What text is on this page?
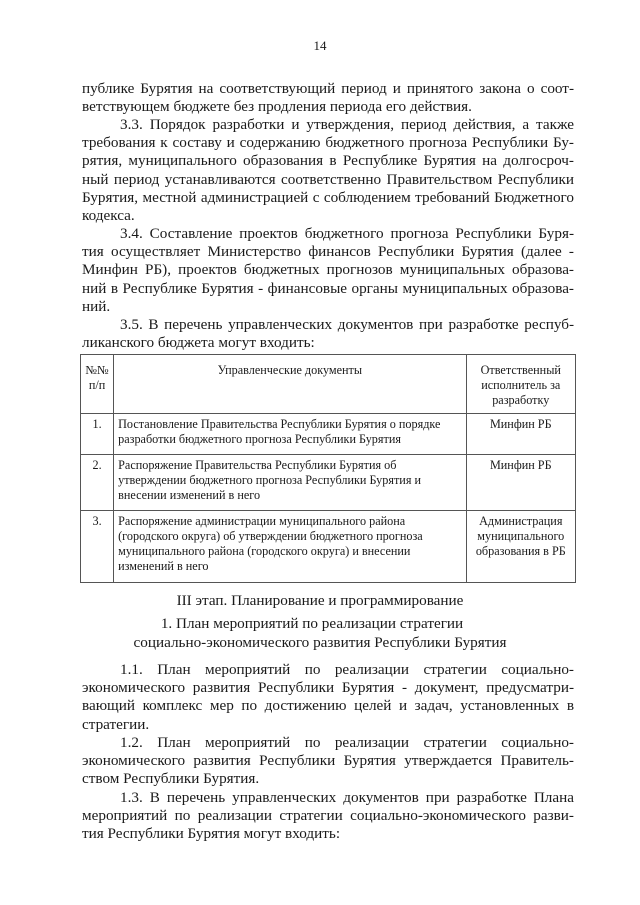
14
публике Бурятия на соответствующий период и принятого закона о соот-
ветствующем бюджете без продления периода его действия.
3.3. Порядок разработки и утверждения, период действия, а также
требования к составу и содержанию бюджетного прогноза Республики Бу-
рятия, муниципального образования в Республике Бурятия на долгосроч-
ный период устанавливаются соответственно Правительством Республики
Бурятия, местной администрацией с соблюдением требований Бюджетного
кодекса.
3.4. Составление проектов бюджетного прогноза Республики Буря-
тия осуществляет Министерство финансов Республики Бурятия (далее -
Минфин РБ), проектов бюджетных прогнозов муниципальных образова-
ний в Республике Бурятия - финансовые органы муниципальных образова-
ний.
3.5. В перечень управленческих документов при разработке респуб-
ликанского бюджета могут входить:
№№ п/п	Управленческие документы	Ответственный исполнитель за разработку
1.	Постановление Правительства Республики Бурятия о порядке разработки бюджетного прогноза Республики Бурятия	Минфин РБ
2.	Распоряжение Правительства Республики Бурятия об утверждении бюджетного прогноза Республики Бурятия и внесении изменений в него	Минфин РБ
3.	Распоряжение администрации муниципального района (городского округа) об утверждении бюджетного прогноза муниципального района (городского округа) и внесении изменений в него	Администрация муниципального образования в РБ
III этап. Планирование и программирование
1. План мероприятий по реализации стратегии
социально-экономического развития Республики Бурятия
1.1. План мероприятий по реализации стратегии социально-
экономического развития Республики Бурятия - документ, предусматри-
вающий комплекс мер по достижению целей и задач, установленных в
стратегии.
1.2. План мероприятий по реализации стратегии социально-
экономического развития Республики Бурятия утверждается Правитель-
ством Республики Бурятия.
1.3. В перечень управленческих документов при разработке Плана
мероприятий по реализации стратегии социально-экономического разви-
тия Республики Бурятия могут входить:
